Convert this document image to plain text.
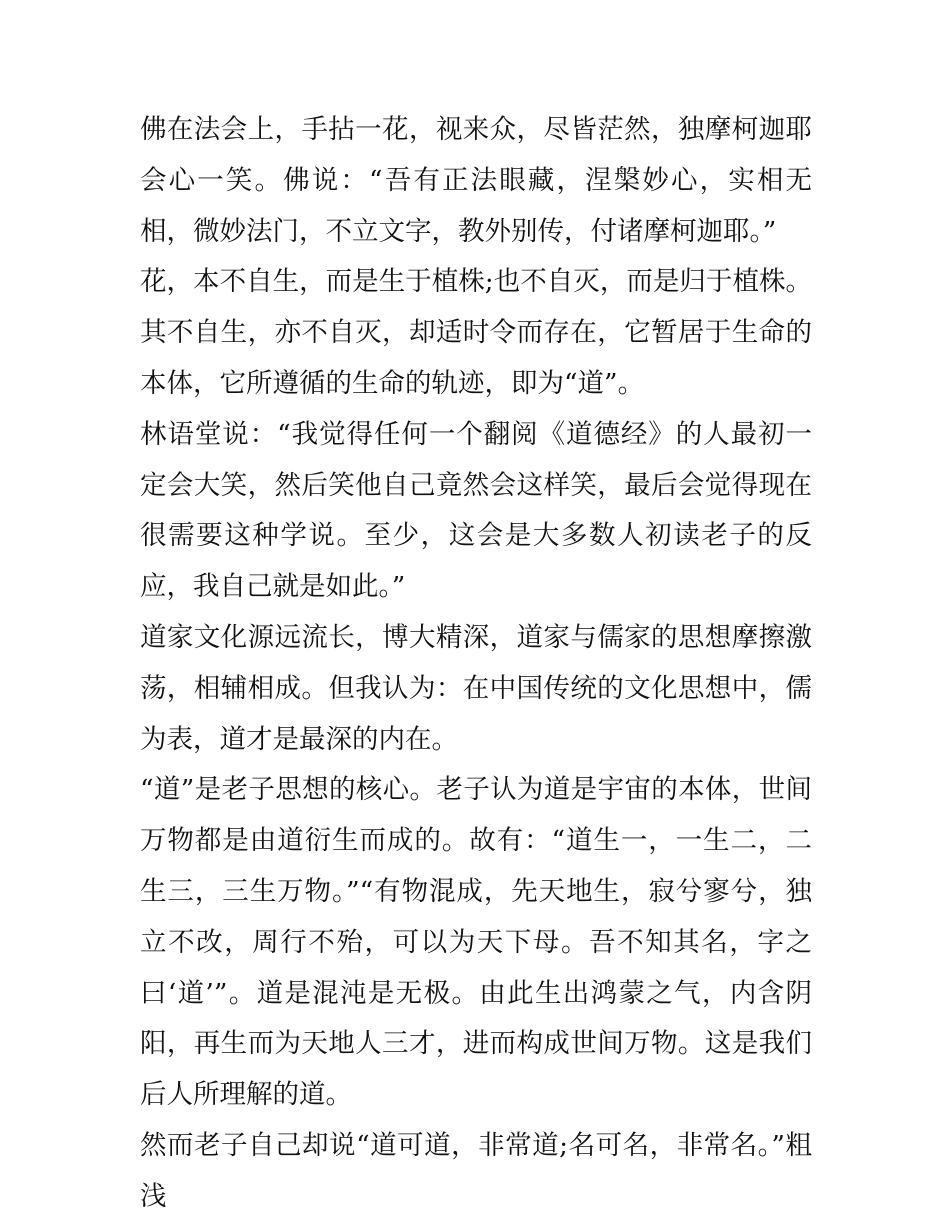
佛在法会上，手拈一花，视来众，尽皆茫然，独摩柯迦耶会心一笑。佛说：“吾有正法眼藏，涅槃妙心，实相无相，微妙法门，不立文字，教外别传，付诸摩柯迦耶。”

花，本不自生，而是生于植株;也不自灭，而是归于植株。其不自生，亦不自灭，却适时令而存在，它暂居于生命的本体，它所遵循的生命的轨迹，即为“道”。

林语堂说：“我觉得任何一个翻阅《道德经》的人最初一定会大笑，然后笑他自己竟然会这样笑，最后会觉得现在很需要这种学说。至少，这会是大多数人初读老子的反应，我自己就是如此。”

道家文化源远流长，博大精深，道家与儒家的思想摩擦激荡，相辅相成。但我认为：在中国传统的文化思想中，儒为表，道才是最深的内在。

“道”是老子思想的核心。老子认为道是宇宙的本体，世间万物都是由道衍生而成的。故有：“道生一，一生二，二生三，三生万物。”“有物混成，先天地生，寂兮寥兮，独立不改，周行不殆，可以为天下母。吾不知其名，字之曰‘道’”。道是混沌是无极。由此生出鸿蒙之气，内含阴阳，再生而为天地人三才，进而构成世间万物。这是我们后人所理解的道。

然而老子自己却说“道可道，非常道;名可名，非常名。”粗浅
